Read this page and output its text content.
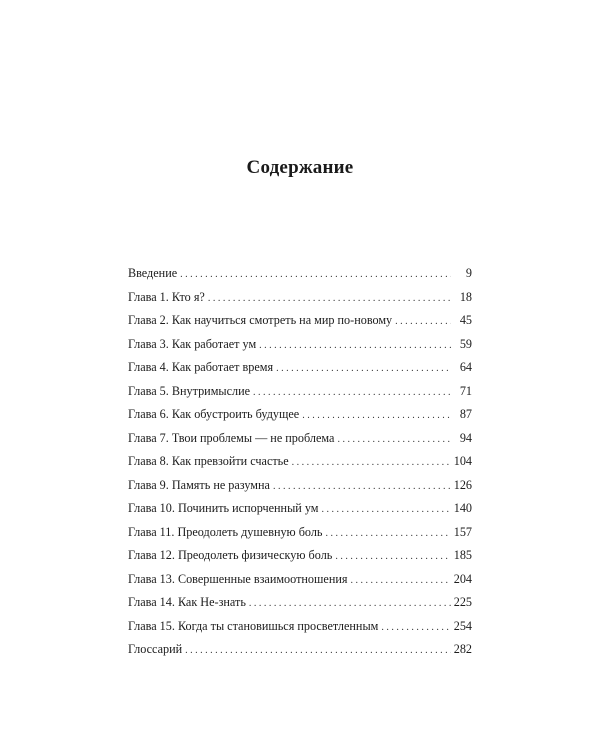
Содержание
Введение . . .	9
Глава 1. Кто я? . . .	18
Глава 2. Как научиться смотреть на мир по-новому . . .	45
Глава 3. Как работает ум . . .	59
Глава 4. Как работает время . . .	64
Глава 5. Внутримыслие . . .	71
Глава 6. Как обустроить будущее . . .	87
Глава 7. Твои проблемы — не проблема . . .	94
Глава 8. Как превзойти счастье . . .	104
Глава 9. Память не разумна . . .	126
Глава 10. Починить испорченный ум . . .	140
Глава 11. Преодолеть душевную боль . . .	157
Глава 12. Преодолеть физическую боль . . .	185
Глава 13. Совершенные взаимоотношения . . .	204
Глава 14. Как Не-знать . . .	225
Глава 15. Когда ты становишься просветленным . . .	254
Глоссарий . . .	282
